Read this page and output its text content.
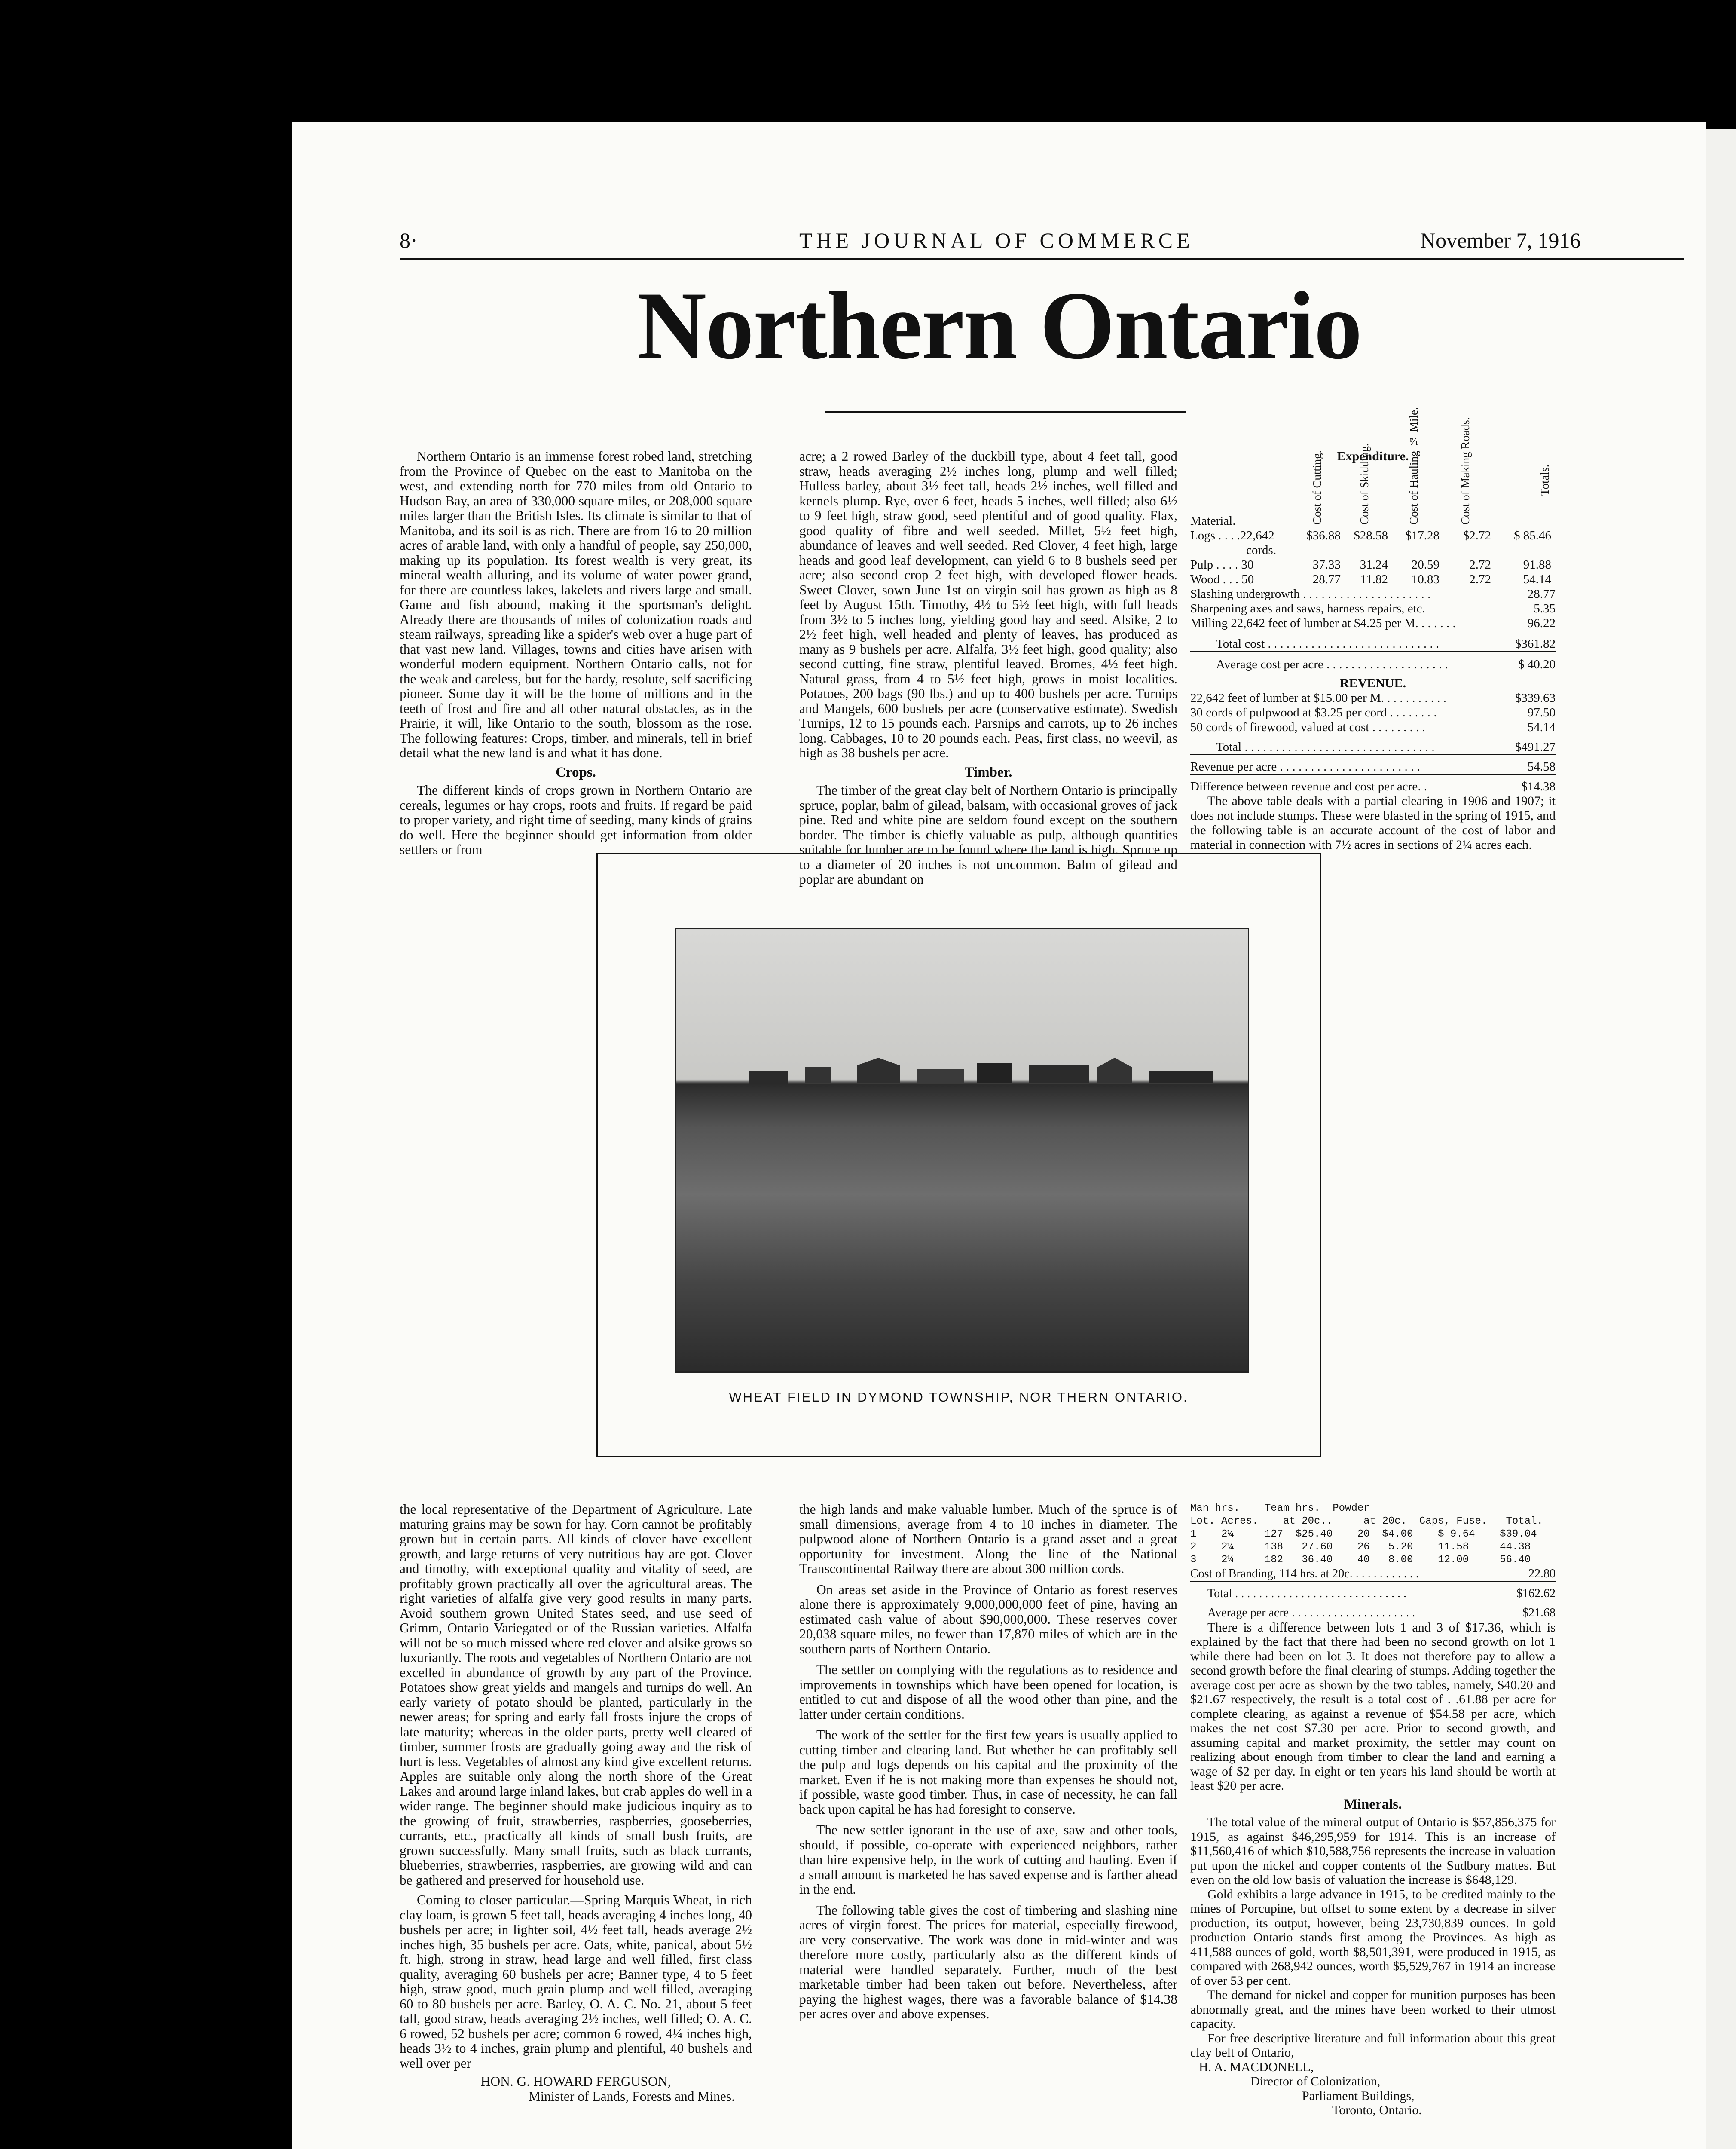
8·	THE JOURNAL OF COMMERCE	November 7, 1916
Northern Ontario

Northern Ontario is an immense forest robed land, stretching from the Province of Quebec on the east to Manitoba on the west, and extending north for 770 miles from old Ontario to Hudson Bay, an area of 330,000 square miles, or 208,000 square miles larger than the British Isles. Its climate is similar to that of Manitoba, and its soil is as rich. There are from 16 to 20 million acres of arable land, with only a handful of people, say 250,000, making up its population. Its forest wealth is very great, its mineral wealth alluring, and its volume of water power grand, for there are countless lakes, lakelets and rivers large and small. Game and fish abound, making it the sportsman's delight. Already there are thousands of miles of colonization roads and steam railways, spreading like a spider's web over a huge part of that vast new land. Villages, towns and cities have arisen with wonderful modern equipment. Northern Ontario calls, not for the weak and careless, but for the hardy, resolute, self sacrificing pioneer. Some day it will be the home of millions and in the teeth of frost and fire and all other natural obstacles, as in the Prairie, it will, like Ontario to the south, blossom as the rose. The following features: Crops, timber, and minerals, tell in brief detail what the new land is and what it has done.

Crops.

The different kinds of crops grown in Northern Ontario are cereals, legumes or hay crops, roots and fruits. If regard be paid to proper variety, and right time of seeding, many kinds of grains do well. Here the beginner should get information from older settlers or from

acre; a 2 rowed Barley of the duckbill type, about 4 feet tall, good straw, heads averaging 2½ inches long, plump and well filled; Hulless barley, about 3½ feet tall, heads 2½ inches, well filled and kernels plump. Rye, over 6 feet, heads 5 inches, well filled; also 6½ to 9 feet high, straw good, seed plentiful and of good quality. Flax, good quality of fibre and well seeded. Millet, 5½ feet high, abundance of leaves and well seeded. Red Clover, 4 feet high, large heads and good leaf development, can yield 6 to 8 bushels seed per acre; also second crop 2 feet high, with developed flower heads. Sweet Clover, sown June 1st on virgin soil has grown as high as 8 feet by August 15th. Timothy, 4½ to 5½ feet high, with full heads from 3½ to 5 inches long, yielding good hay and seed. Alsike, 2 to 2½ feet high, well headed and plenty of leaves, has produced as many as 9 bushels per acre. Alfalfa, 3½ feet high, good quality; also second cutting, fine straw, plentiful leaved. Bromes, 4½ feet high. Natural grass, from 4 to 5½ feet high, grows in moist localities. Potatoes, 200 bags (90 lbs.) and up to 400 bushels per acre. Turnips and Mangels, 600 bushels per acre (conservative estimate). Swedish Turnips, 12 to 15 pounds each. Parsnips and carrots, up to 26 inches long. Cabbages, 10 to 20 pounds each. Peas, first class, no weevil, as high as 38 bushels per acre.

Timber.

The timber of the great clay belt of Northern Ontario is principally spruce, poplar, balm of gilead, balsam, with occasional groves of jack pine. Red and white pine are seldom found except on the southern border. The timber is chiefly valuable as pulp, although quantities suitable for lumber are to be found where the land is high. Spruce up to a diameter of 20 inches is not uncommon. Balm of gilead and poplar are abundant on

Expenditure.
Material.	Cost of Cutting.	Cost of Skidding.	Cost of Hauling ¼ Mile.	Cost of Making Roads.	Totals.
Logs . . . .22,642	$36.88	$28.58	$17.28	$2.72	$ 85.46
cords.
Pulp . . . . 30	37.33	31.24	20.59	2.72	91.88
Wood . . . 50	28.77	11.82	10.83	2.72	54.14
Slashing undergrowth . . . . . . . . . . . . . . . . . . . . .	28.77
Sharpening axes and saws, harness repairs, etc.	5.35
Milling 22,642 feet of lumber at $4.25 per M. . . . . . .	96.22
Total cost . . . . . . . . . . . . . . . . . . . . . . . . . . . .	$361.82
Average cost per acre . . . . . . . . . . . . . . . . . . . .	$ 40.20
REVENUE.
22,642 feet of lumber at $15.00 per M. . . . . . . . . . .	$339.63
30 cords of pulpwood at $3.25 per cord . . . . . . . .	97.50
50 cords of firewood, valued at cost . . . . . . . . .	54.14
Total . . . . . . . . . . . . . . . . . . . . . . . . . . . . . . .	$491.27
Revenue per acre . . . . . . . . . . . . . . . . . . . . . . .	54.58
Difference between revenue and cost per acre. .	$14.38

The above table deals with a partial clearing in 1906 and 1907; it does not include stumps. These were blasted in the spring of 1915, and the following table is an accurate account of the cost of labor and material in connection with 7½ acres in sections of 2¼ acres each.

WHEAT FIELD IN DYMOND TOWNSHIP, NOR THERN ONTARIO.

the local representative of the Department of Agriculture. Late maturing grains may be sown for hay. Corn cannot be profitably grown but in certain parts. All kinds of clover have excellent growth, and large returns of very nutritious hay are got. Clover and timothy, with exceptional quality and vitality of seed, are profitably grown practically all over the agricultural areas. The right varieties of alfalfa give very good results in many parts. Avoid southern grown United States seed, and use seed of Grimm, Ontario Variegated or of the Russian varieties. Alfalfa will not be so much missed where red clover and alsike grows so luxuriantly. The roots and vegetables of Northern Ontario are not excelled in abundance of growth by any part of the Province. Potatoes show great yields and mangels and turnips do well. An early variety of potato should be planted, particularly in the newer areas; for spring and early fall frosts injure the crops of late maturity; whereas in the older parts, pretty well cleared of timber, summer frosts are gradually going away and the risk of hurt is less. Vegetables of almost any kind give excellent returns. Apples are suitable only along the north shore of the Great Lakes and around large inland lakes, but crab apples do well in a wider range. The beginner should make judicious inquiry as to the growing of fruit, strawberries, raspberries, gooseberries, currants, etc., practically all kinds of small bush fruits, are grown successfully. Many small fruits, such as black currants, blueberries, strawberries, raspberries, are growing wild and can be gathered and preserved for household use.

Coming to closer particular.—Spring Marquis Wheat, in rich clay loam, is grown 5 feet tall, heads averaging 4 inches long, 40 bushels per acre; in lighter soil, 4½ feet tall, heads average 2½ inches high, 35 bushels per acre. Oats, white, panical, about 5½ ft. high, strong in straw, head large and well filled, first class quality, averaging 60 bushels per acre; Banner type, 4 to 5 feet high, straw good, much grain plump and well filled, averaging 60 to 80 bushels per acre. Barley, O. A. C. No. 21, about 5 feet tall, good straw, heads averaging 2½ inches, well filled; O. A. C. 6 rowed, 52 bushels per acre; common 6 rowed, 4¼ inches high, heads 3½ to 4 inches, grain plump and plentiful, 40 bushels and well over per

HON. G. HOWARD FERGUSON,
Minister of Lands, Forests and Mines.

the high lands and make valuable lumber. Much of the spruce is of small dimensions, average from 4 to 10 inches in diameter. The pulpwood alone of Northern Ontario is a grand asset and a great opportunity for investment. Along the line of the National Transcontinental Railway there are about 300 million cords.

On areas set aside in the Province of Ontario as forest reserves alone there is approximately 9,000,000,000 feet of pine, having an estimated cash value of about $90,000,000. These reserves cover 20,038 square miles, no fewer than 17,870 miles of which are in the southern parts of Northern Ontario.

The settler on complying with the regulations as to residence and improvements in townships which have been opened for location, is entitled to cut and dispose of all the wood other than pine, and the latter under certain conditions.

The work of the settler for the first few years is usually applied to cutting timber and clearing land. But whether he can profitably sell the pulp and logs depends on his capital and the proximity of the market. Even if he is not making more than expenses he should not, if possible, waste good timber. Thus, in case of necessity, he can fall back upon capital he has had foresight to conserve.

The new settler ignorant in the use of axe, saw and other tools, should, if possible, co-operate with experienced neighbors, rather than hire expensive help, in the work of cutting and hauling. Even if a small amount is marketed he has saved expense and is farther ahead in the end.

The following table gives the cost of timbering and slashing nine acres of virgin forest. The prices for material, especially firewood, are very conservative. The work was done in mid-winter and was therefore more costly, particularly also as the different kinds of material were handled separately. Further, much of the best marketable timber had been taken out before. Nevertheless, after paying the highest wages, there was a favorable balance of $14.38 per acres over and above expenses.

Man hrs.    Team hrs.  Powder
Lot. Acres.    at 20c..     at 20c.  Caps, Fuse.   Total.
1    2¼     127  $25.40    20  $4.00    $ 9.64    $39.04
2    2¼     138   27.60    26   5.20    11.58     44.38
3    2¼     182   36.40    40   8.00    12.00     56.40
Cost of Branding, 114 hrs. at 20c. . . . . . . . . . . .	22.80
Total . . . . . . . . . . . . . . . . . . . . . . . . . . . . .	$162.62
Average per acre . . . . . . . . . . . . . . . . . . . . .	$21.68

There is a difference between lots 1 and 3 of $17.36, which is explained by the fact that there had been no second growth on lot 1 while there had been on lot 3. It does not therefore pay to allow a second growth before the final clearing of stumps. Adding together the average cost per acre as shown by the two tables, namely, $40.20 and $21.67 respectively, the result is a total cost of . .61.88 per acre for complete clearing, as against a revenue of $54.58 per acre, which makes the net cost $7.30 per acre. Prior to second growth, and assuming capital and market proximity, the settler may count on realizing about enough from timber to clear the land and earning a wage of $2 per day. In eight or ten years his land should be worth at least $20 per acre.

Minerals.

The total value of the mineral output of Ontario is $57,856,375 for 1915, as against $46,295,959 for 1914. This is an increase of $11,560,416 of which $10,588,756 represents the increase in valuation put upon the nickel and copper contents of the Sudbury mattes. But even on the old low basis of valuation the increase is $648,129.

Gold exhibits a large advance in 1915, to be credited mainly to the mines of Porcupine, but offset to some extent by a decrease in silver production, its output, however, being 23,730,839 ounces. In gold production Ontario stands first among the Provinces. As high as 411,588 ounces of gold, worth $8,501,391, were produced in 1915, as compared with 268,942 ounces, worth $5,529,767 in 1914 an increase of over 53 per cent.

The demand for nickel and copper for munition purposes has been abnormally great, and the mines have been worked to their utmost capacity.

For free descriptive literature and full information about this great clay belt of Ontario,

H. A. MACDONELL,
Director of Colonization,
Parliament Buildings,
Toronto, Ontario.
